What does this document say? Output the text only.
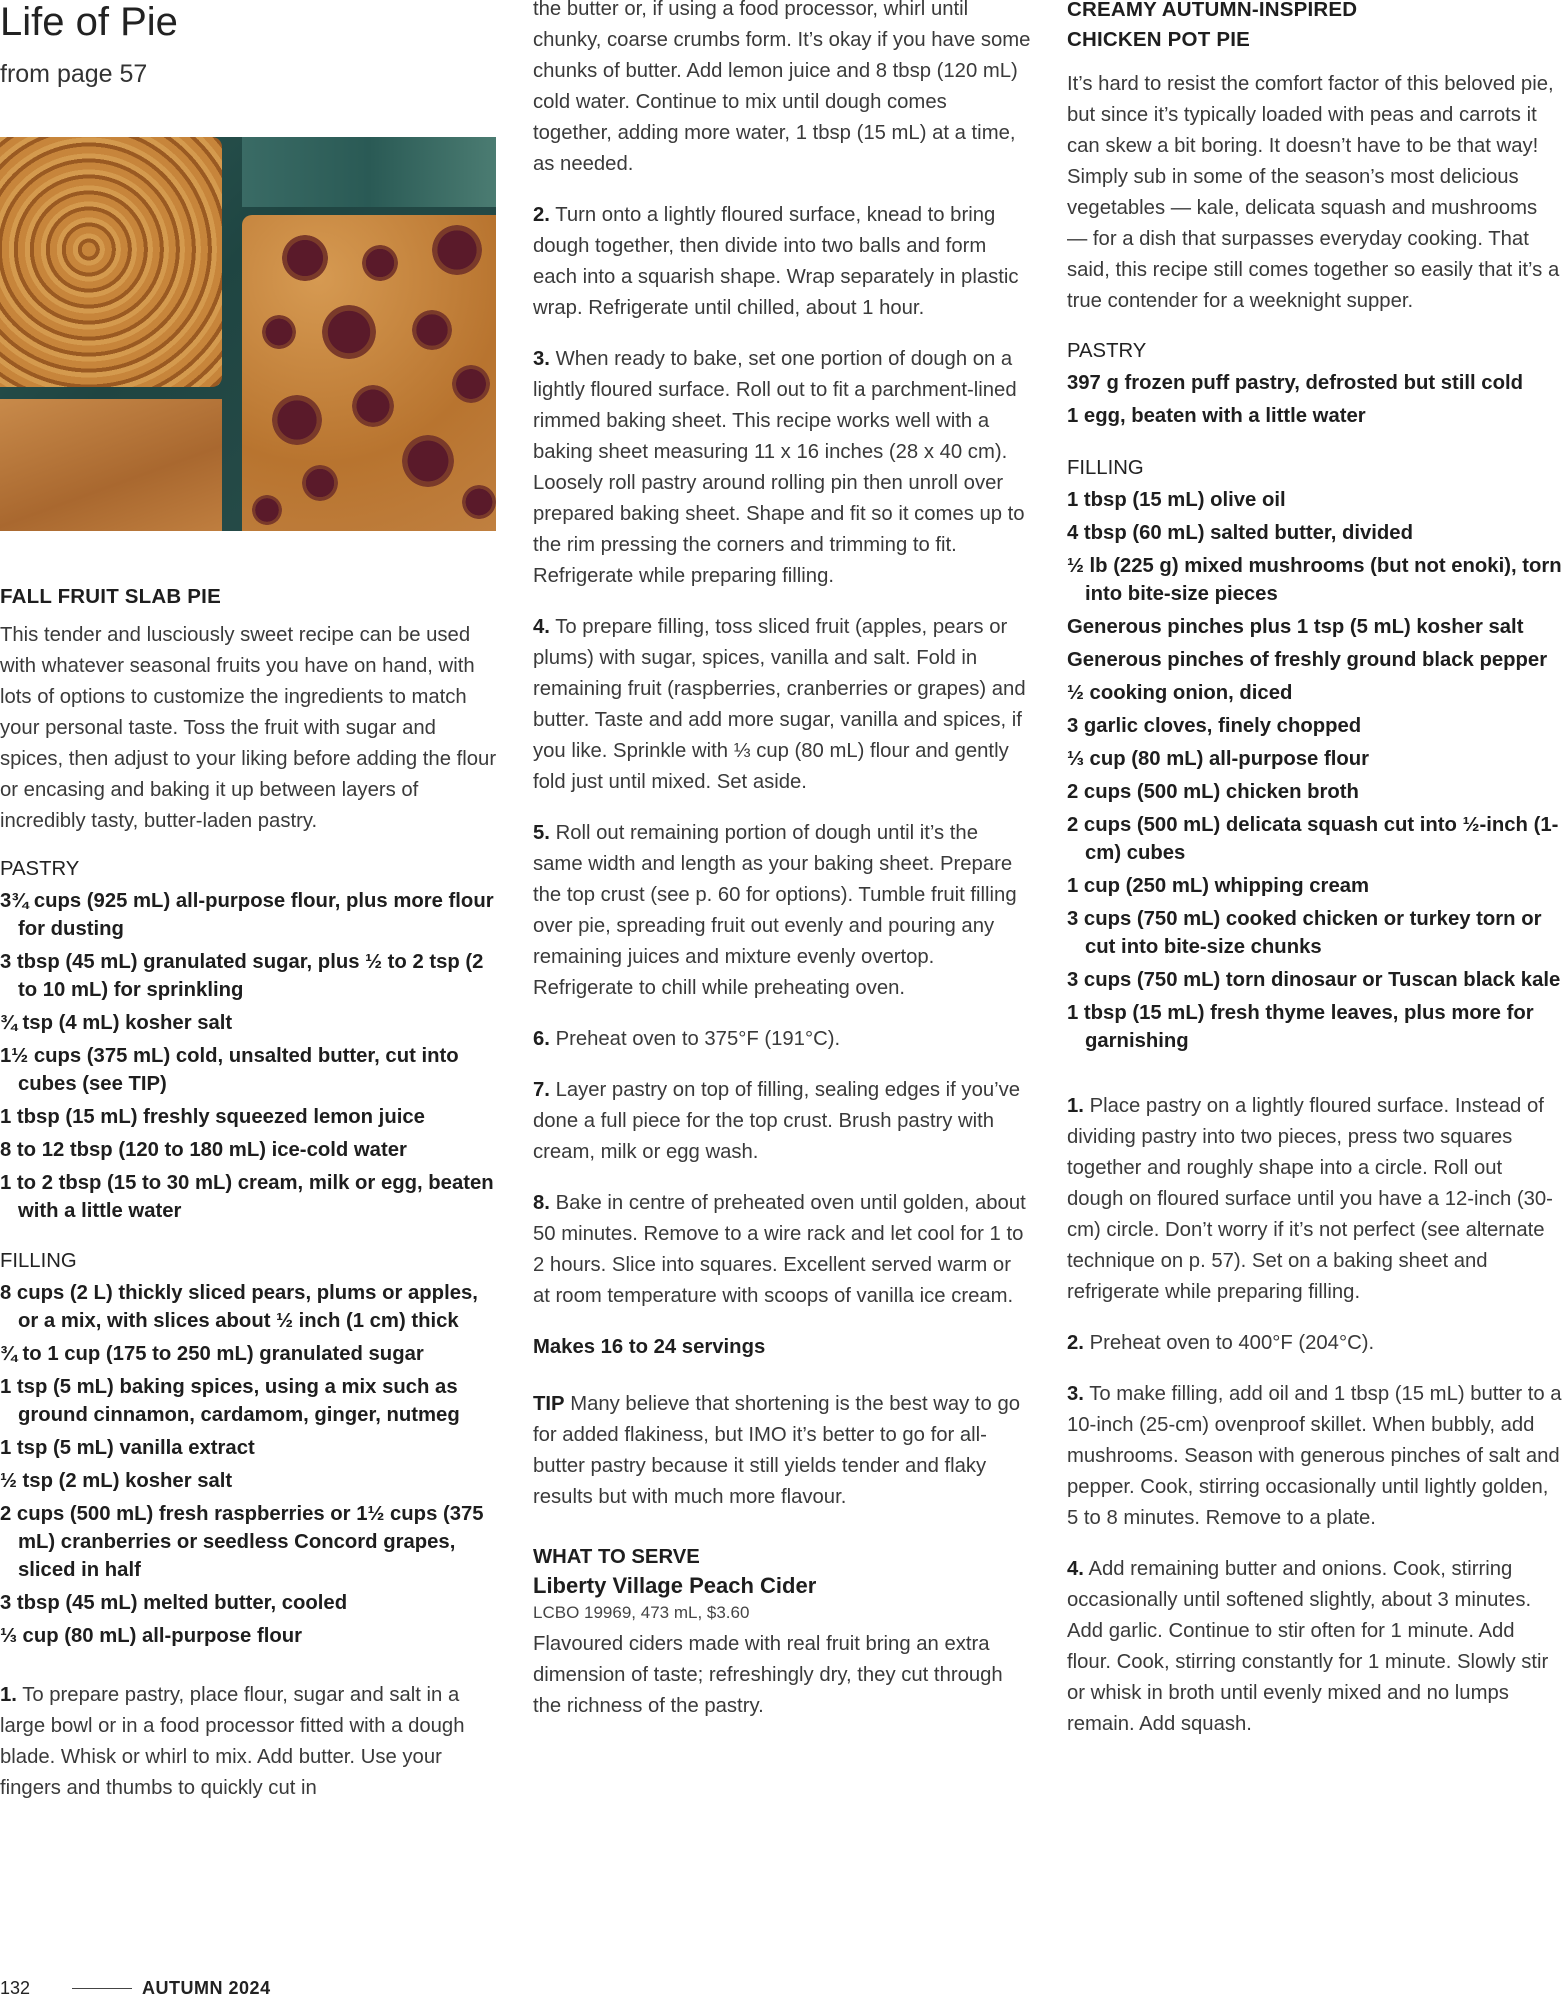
Life of Pie
from page 57
FALL FRUIT SLAB PIE

This tender and lusciously sweet recipe can be used with whatever seasonal fruits you have on hand, with lots of options to customize the ingredients to match your personal taste. Toss the fruit with sugar and spices, then adjust to your liking before adding the flour or encasing and baking it up between layers of incredibly tasty, butter-laden pastry.

PASTRY
3¾ cups (925 mL) all-purpose flour, plus more flour for dusting
3 tbsp (45 mL) granulated sugar, plus ½ to 2 tsp (2 to 10 mL) for sprinkling
¾ tsp (4 mL) kosher salt
1½ cups (375 mL) cold, unsalted butter, cut into cubes (see TIP)
1 tbsp (15 mL) freshly squeezed lemon juice
8 to 12 tbsp (120 to 180 mL) ice-cold water
1 to 2 tbsp (15 to 30 mL) cream, milk or egg, beaten with a little water
FILLING
8 cups (2 L) thickly sliced pears, plums or apples, or a mix, with slices about ½ inch (1 cm) thick
¾ to 1 cup (175 to 250 mL) granulated sugar
1 tsp (5 mL) baking spices, using a mix such as ground cinnamon, cardamom, ginger, nutmeg
1 tsp (5 mL) vanilla extract
½ tsp (2 mL) kosher salt
2 cups (500 mL) fresh raspberries or 1½ cups (375 mL) cranberries or seedless Concord grapes, sliced in half
3 tbsp (45 mL) melted butter, cooled
⅓ cup (80 mL) all-purpose flour

1. To prepare pastry, place flour, sugar and salt in a large bowl or in a food processor fitted with a dough blade. Whisk or whirl to mix. Add butter. Use your fingers and thumbs to quickly cut in

the butter or, if using a food processor, whirl until chunky, coarse crumbs form. It’s okay if you have some chunks of butter. Add lemon juice and 8 tbsp (120 mL) cold water. Continue to mix until dough comes together, adding more water, 1 tbsp (15 mL) at a time, as needed.

2. Turn onto a lightly floured surface, knead to bring dough together, then divide into two balls and form each into a squarish shape. Wrap separately in plastic wrap. Refrigerate until chilled, about 1 hour.

3. When ready to bake, set one portion of dough on a lightly floured surface. Roll out to fit a parchment-lined rimmed baking sheet. This recipe works well with a baking sheet measuring 11 x 16 inches (28 x 40 cm). Loosely roll pastry around rolling pin then unroll over prepared baking sheet. Shape and fit so it comes up to the rim pressing the corners and trimming to fit. Refrigerate while preparing filling.

4. To prepare filling, toss sliced fruit (apples, pears or plums) with sugar, spices, vanilla and salt. Fold in remaining fruit (raspberries, cranberries or grapes) and butter. Taste and add more sugar, vanilla and spices, if you like. Sprinkle with ⅓ cup (80 mL) flour and gently fold just until mixed. Set aside.

5. Roll out remaining portion of dough until it’s the same width and length as your baking sheet. Prepare the top crust (see p. 60 for options). Tumble fruit filling over pie, spreading fruit out evenly and pouring any remaining juices and mixture evenly overtop. Refrigerate to chill while preheating oven.

6. Preheat oven to 375°F (191°C).

7. Layer pastry on top of filling, sealing edges if you’ve done a full piece for the top crust. Brush pastry with cream, milk or egg wash.

8. Bake in centre of preheated oven until golden, about 50 minutes. Remove to a wire rack and let cool for 1 to 2 hours. Slice into squares. Excellent served warm or at room temperature with scoops of vanilla ice cream.

Makes 16 to 24 servings

TIP Many believe that shortening is the best way to go for added flakiness, but IMO it’s better to go for all-butter pastry because it still yields tender and flaky results but with much more flavour.

WHAT TO SERVE
Liberty Village Peach Cider
LCBO 19969, 473 mL, $3.60

Flavoured ciders made with real fruit bring an extra dimension of taste; refreshingly dry, they cut through the richness of the pastry.

CREAMY AUTUMN-INSPIRED
CHICKEN POT PIE

It’s hard to resist the comfort factor of this beloved pie, but since it’s typically loaded with peas and carrots it can skew a bit boring. It doesn’t have to be that way! Simply sub in some of the season’s most delicious vegetables — kale, delicata squash and mushrooms — for a dish that surpasses everyday cooking. That said, this recipe still comes together so easily that it’s a true contender for a weeknight supper.

PASTRY
397 g frozen puff pastry, defrosted but still cold
1 egg, beaten with a little water
FILLING
1 tbsp (15 mL) olive oil
4 tbsp (60 mL) salted butter, divided
½ lb (225 g) mixed mushrooms (but not enoki), torn into bite-size pieces
Generous pinches plus 1 tsp (5 mL) kosher salt
Generous pinches of freshly ground black pepper
½ cooking onion, diced
3 garlic cloves, finely chopped
⅓ cup (80 mL) all-purpose flour
2 cups (500 mL) chicken broth
2 cups (500 mL) delicata squash cut into ½-inch (1-cm) cubes
1 cup (250 mL) whipping cream
3 cups (750 mL) cooked chicken or turkey torn or cut into bite-size chunks
3 cups (750 mL) torn dinosaur or Tuscan black kale
1 tbsp (15 mL) fresh thyme leaves, plus more for garnishing

1. Place pastry on a lightly floured surface. Instead of dividing pastry into two pieces, press two squares together and roughly shape into a circle. Roll out dough on floured surface until you have a 12-inch (30-cm) circle. Don’t worry if it’s not perfect (see alternate technique on p. 57). Set on a baking sheet and refrigerate while preparing filling.

2. Preheat oven to 400°F (204°C).

3. To make filling, add oil and 1 tbsp (15 mL) butter to a 10-inch (25-cm) ovenproof skillet. When bubbly, add mushrooms. Season with generous pinches of salt and pepper. Cook, stirring occasionally until lightly golden, 5 to 8 minutes. Remove to a plate.

4. Add remaining butter and onions. Cook, stirring occasionally until softened slightly, about 3 minutes. Add garlic. Continue to stir often for 1 minute. Add flour. Cook, stirring constantly for 1 minute. Slowly stir or whisk in broth until evenly mixed and no lumps remain. Add squash.

132	AUTUMN 2024
